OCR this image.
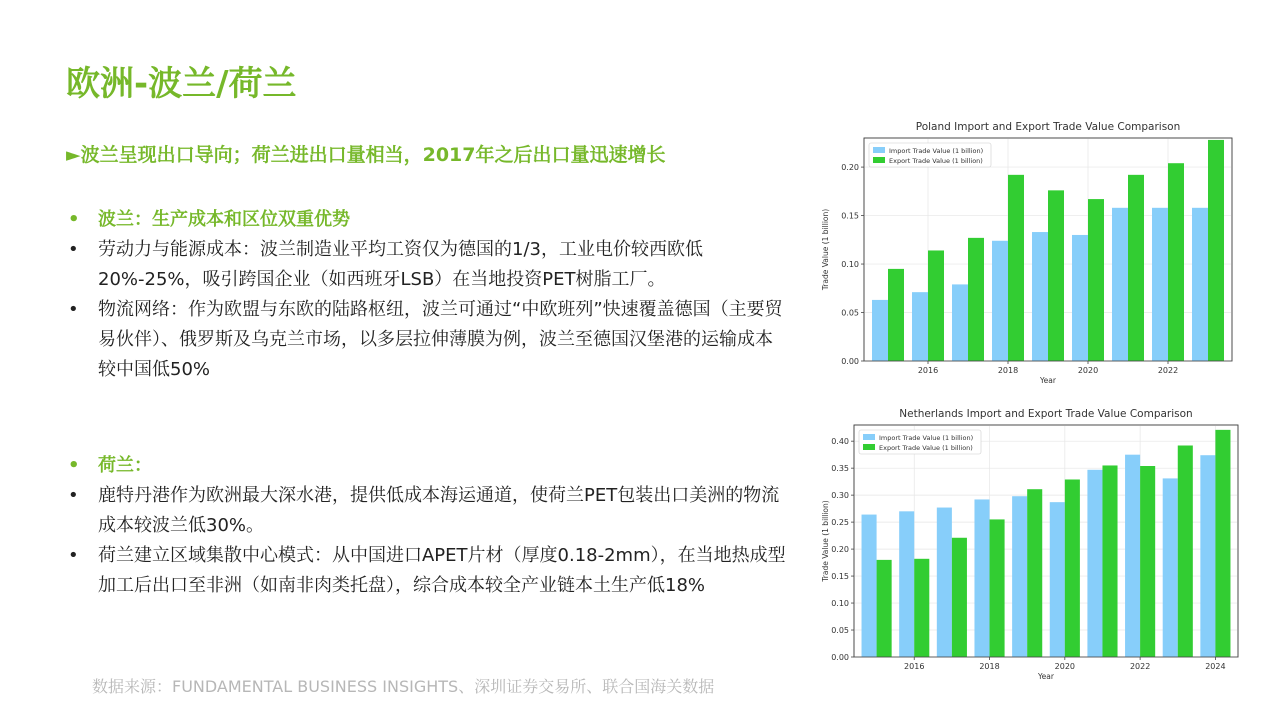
欧洲-波兰/荷兰
►波兰呈现出口导向；荷兰进出口量相当，2017年之后出口量迅速增长
• 波兰：生产成本和区位双重优势
• 劳动力与能源成本：波兰制造业平均工资仅为德国的1/3，工业电价较西欧低20%-25%，吸引跨国企业（如西班牙LSB）在当地投资PET树脂工厂。
• 物流网络：作为欧盟与东欧的陆路枢纽，波兰可通过“中欧班列”快速覆盖德国（主要贸易伙伴）、俄罗斯及乌克兰市场，以多层拉伸薄膜为例，波兰至德国汉堡港的运输成本较中国低50%
• 荷兰：
• 鹿特丹港作为欧洲最大深水港，提供低成本海运通道，使荷兰PET包装出口美洲的物流成本较波兰低30%。
• 荷兰建立区域集散中心模式：从中国进口APET片材（厚度0.18-2mm），在当地热成型加工后出口至非洲（如南非肉类托盘），综合成本较全产业链本土生产低18%
0.00
0.05
0.10
0.15
0.20
2016	2018	2020	2022
Poland Import and Export Trade Value Comparison
Year
Trade Value (1 billion)
Import Trade Value (1 billion)
Export Trade Value (1 billion)
0.00
0.05
0.10
0.15
0.20
0.25
0.30
0.35
0.40
2016	2018	2020	2022	2024
Netherlands Import and Export Trade Value Comparison
Year
Trade Value (1 billion)
Import Trade Value (1 billion)
Export Trade Value (1 billion)
数据来源：FUNDAMENTAL BUSINESS INSIGHTS、深圳证券交易所、联合国海关数据
